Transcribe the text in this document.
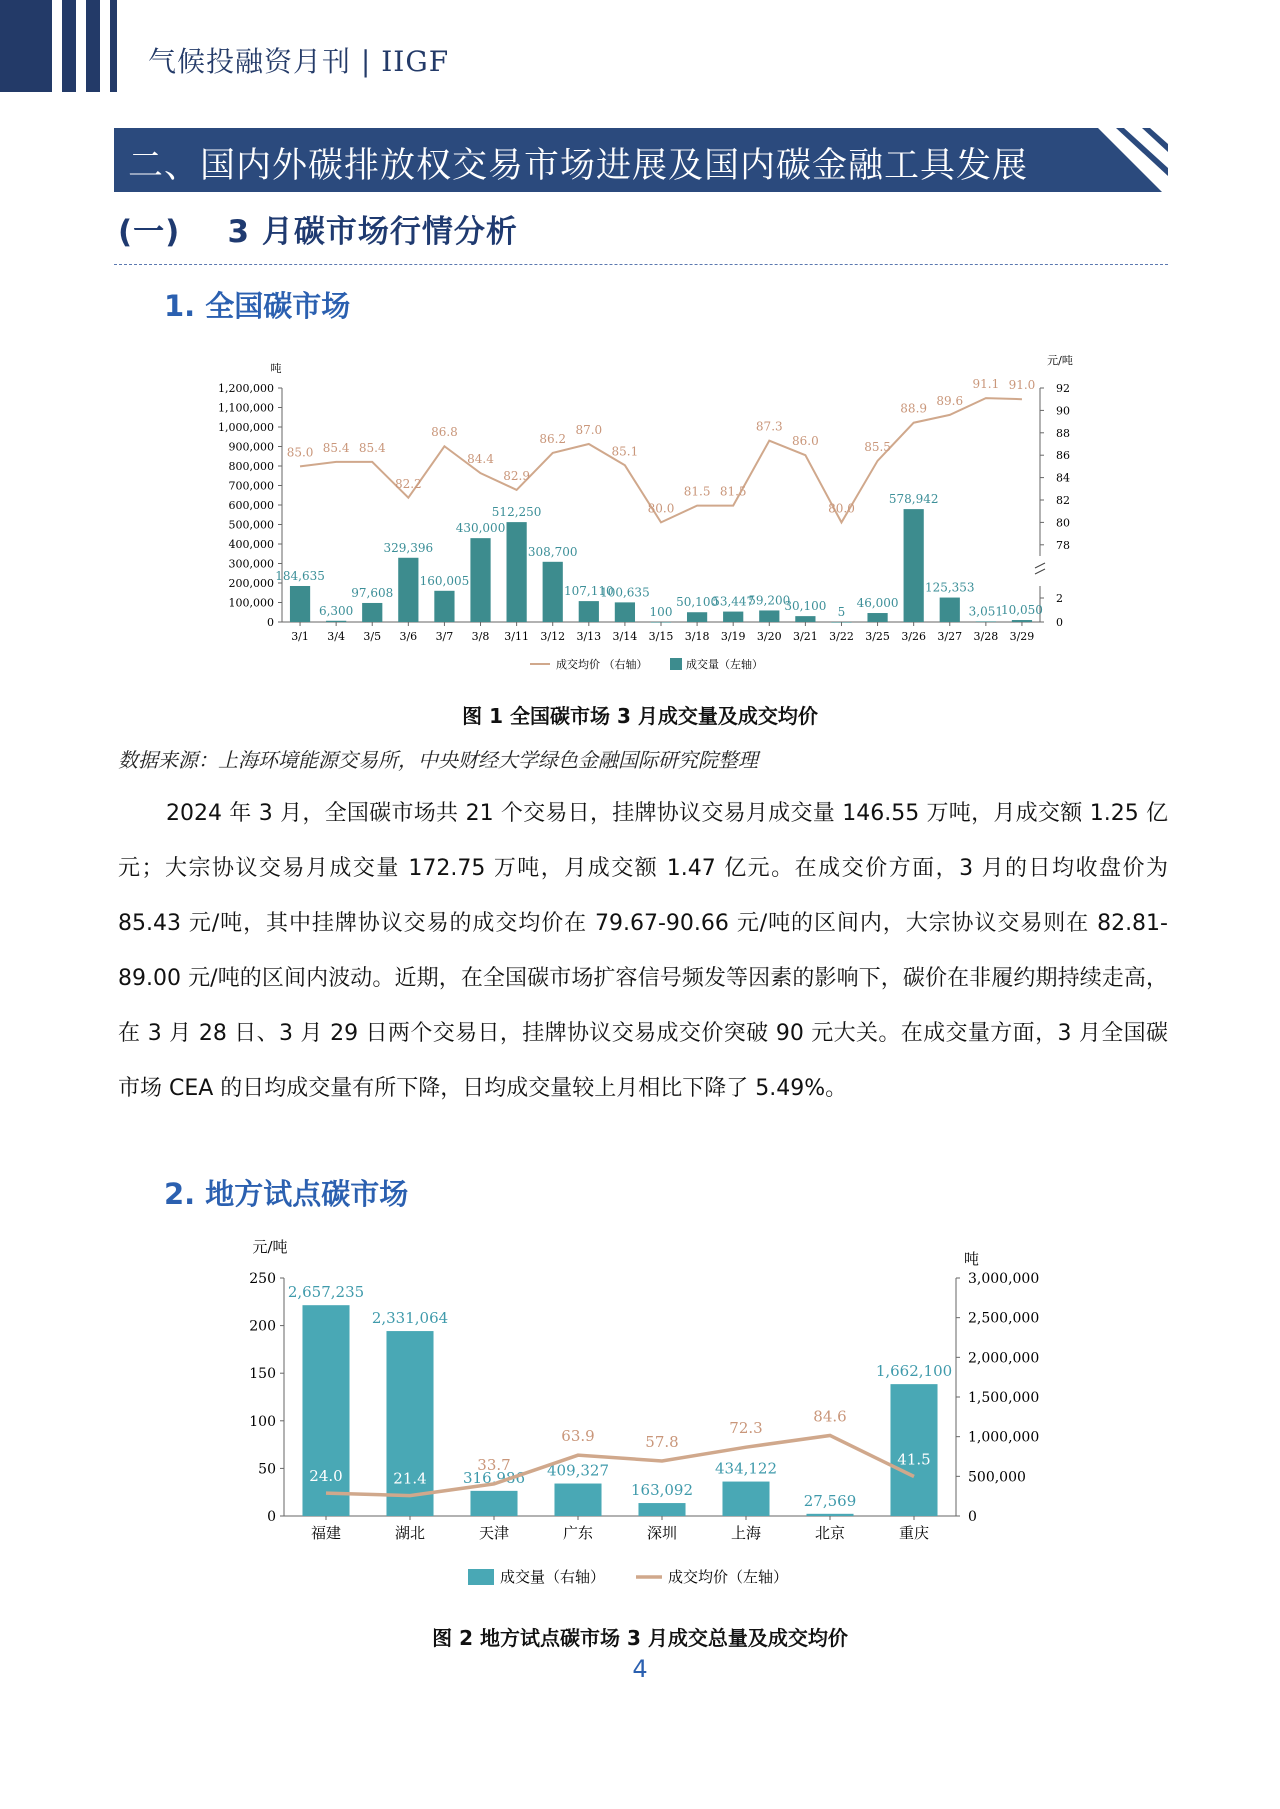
气候投融资月刊 | IIGF
二、国内外碳排放权交易市场进展及国内碳金融工具发展
(一)    3 月碳市场行情分析
1. 全国碳市场
吨
元/吨
0
100,000
200,000
300,000
400,000
500,000
600,000
700,000
800,000
900,000
1,000,000
1,100,000
1,200,000
78
80
82
84
86
88
90
92
0
2
184,635
3/1
6,300
3/4
97,608
3/5
329,396
3/6
160,005
3/7
430,000
3/8
512,250
3/11
308,700
3/12
107,110
3/13
100,635
3/14
100
3/15
50,100
3/18
53,447
3/19
59,200
3/20
30,100
3/21
5
3/22
46,000
3/25
578,942
3/26
125,353
3/27
3,051
3/28
10,050
3/29
85.0 85.4 85.4
82.2
86.8
84.4
82.9
86.2
87.0
85.1
80.0
81.5 81.5
87.3
86.0
80.0
85.5
88.9
89.6
91.1 91.0
成交均价 （右轴）	成交量（左轴）
图 1 全国碳市场 3 月成交量及成交均价
数据来源：上海环境能源交易所，中央财经大学绿色金融国际研究院整理
2024 年 3 月，全国碳市场共 21 个交易日，挂牌协议交易月成交量 146.55 万吨，月成交额 1.25 亿元；大宗协议交易月成交量 172.75 万吨，月成交额 1.47 亿元。在成交价方面，3 月的日均收盘价为 85.43 元/吨，其中挂牌协议交易的成交均价在 79.67-90.66 元/吨的区间内，大宗协议交易则在 82.81-89.00 元/吨的区间内波动。近期，在全国碳市场扩容信号频发等因素的影响下，碳价在非履约期持续走高，在 3 月 28 日、3 月 29 日两个交易日，挂牌协议交易成交价突破 90 元大关。在成交量方面，3 月全国碳市场 CEA 的日均成交量有所下降，日均成交量较上月相比下降了 5.49%。
2. 地方试点碳市场
元/吨
吨
0
50
100
150
200
250
0
500,000
1,000,000
1,500,000
2,000,000
2,500,000
3,000,000
2,657,235
福建
2,331,064
湖北
316,986
天津
409,327
广东
163,092
深圳
434,122
上海
27,569
北京
1,662,100
重庆
24.0	21.4
33.7
63.9	57.8
72.3
84.6
41.5
成交量（右轴）	成交均价（左轴）
图 2 地方试点碳市场 3 月成交总量及成交均价
4
